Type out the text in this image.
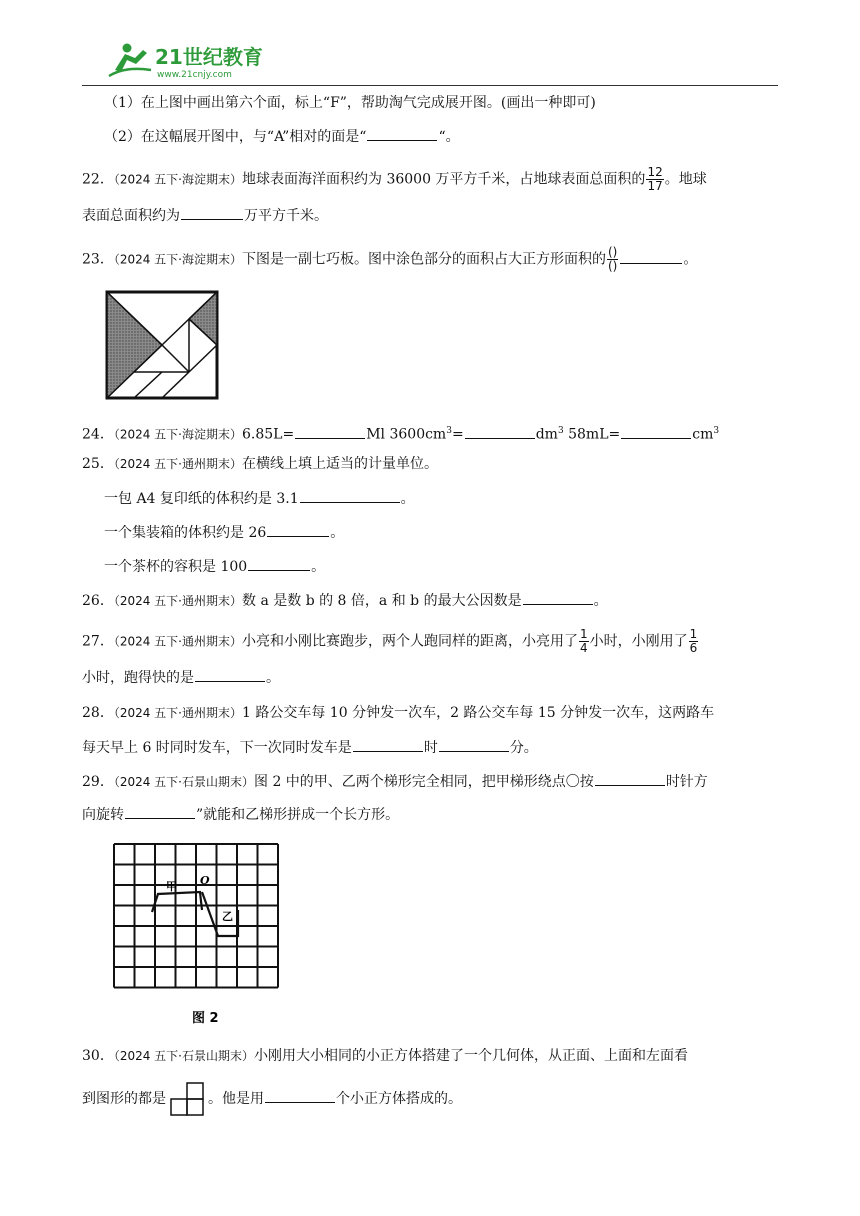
21世纪教育
www.21cnjy.com
（1）在上图中画出第六个面，标上“F”，帮助淘气完成展开图。(画出一种即可)
（2）在这幅展开图中，与“A”相对的面是“	“。
22．（2024 五下·海淀期末）地球表面海洋面积约为 36000 万平方千米，占地球表面总面积的 $\frac{12}{17}$ 。地球
表面总面积约为	万平方千米。
23．（2024 五下·海淀期末）下图是一副七巧板。图中涂色部分的面积占大正方形面积的 $\frac{()}{()}$	。
24．（2024 五下·海淀期末）6.85L=	Ml $3600cm^3=$	$dm^3$ 58mL=	$cm^3$
25．（2024 五下·通州期末）在横线上填上适当的计量单位。
一包 A4 复印纸的体积约是 3.1	。
一个集装箱的体积约是 26	。
一个茶杯的容积是 100	。
26．（2024 五下·通州期末）数 a 是数 b 的 8 倍，a 和 b 的最大公因数是	。
27．（2024 五下·通州期末）小亮和小刚比赛跑步，两个人跑同样的距离，小亮用了 $\frac{1}{4}$ 小时，小刚用了 $\frac{1}{6}$
小时，跑得快的是	。
28．（2024 五下·通州期末）1 路公交车每 10 分钟发一次车，2 路公交车每 15 分钟发一次车，这两路车
每天早上 6 时同时发车，下一次同时发车是	时	分。
29．（2024 五下·石景山期末）图 2 中的甲、乙两个梯形完全相同，把甲梯形绕点〇按	时针方
向旋转	”就能和乙梯形拼成一个长方形。
甲 O
乙
图 2
30．（2024 五下·石景山期末）小刚用大小相同的小正方体搭建了一个几何体，从正面、上面和左面看
到图形的都是	。他是用	个小正方体搭成的。
